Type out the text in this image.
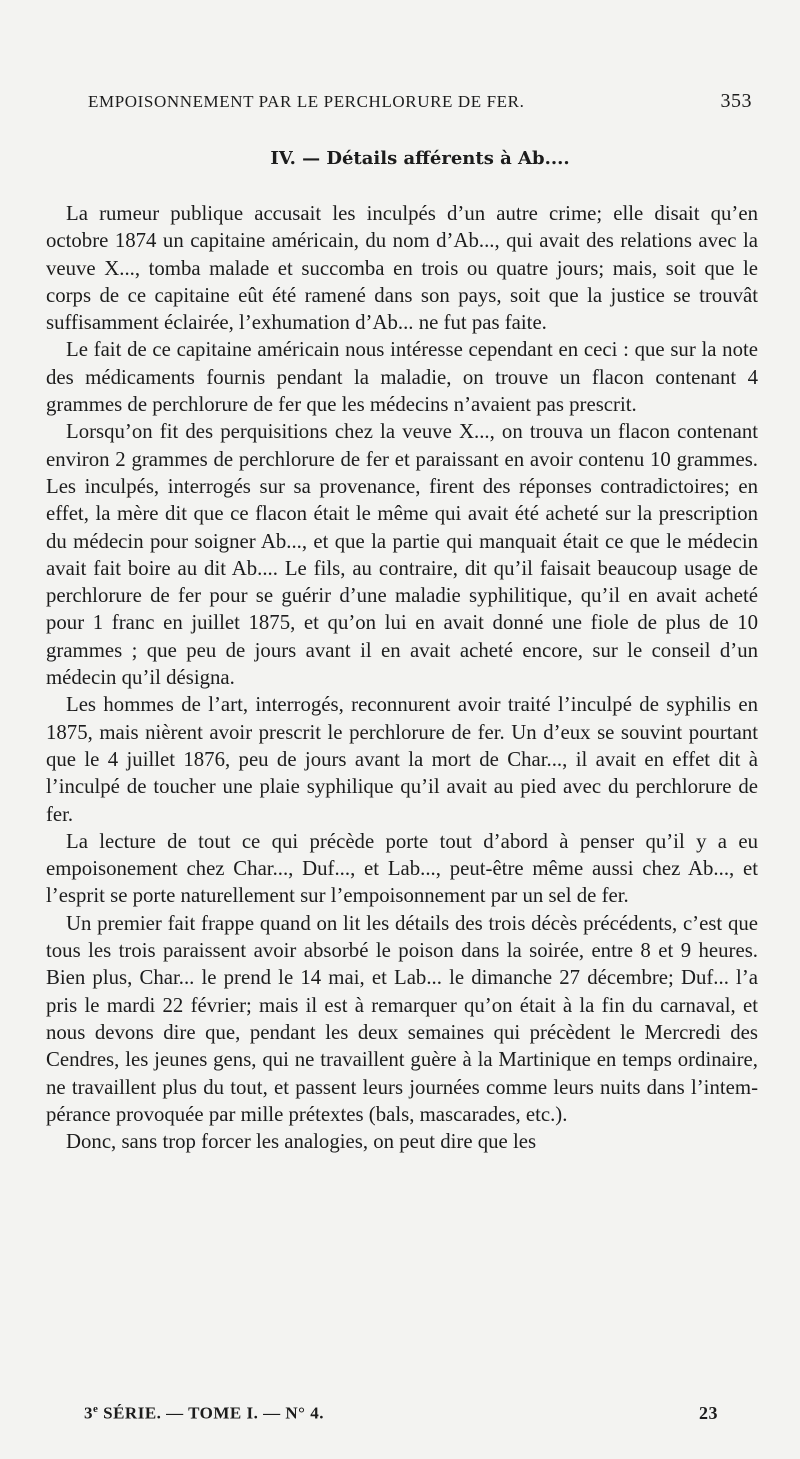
EMPOISONNEMENT PAR LE PERCHLORURE DE FER.	353
IV. — Détails afférents à Ab....

La rumeur publique accusait les inculpés d’un autre crime; elle disait qu’en octobre 1874 un capitaine américain, du nom d’Ab..., qui avait des relations avec la veuve X..., tomba malade et succomba en trois ou quatre jours; mais, soit que le corps de ce capitaine eût été ramené dans son pays, soit que la justice se trouvât suffisamment éclairée, l’exhumation d’Ab... ne fut pas faite.

Le fait de ce capitaine américain nous intéresse cependant en ceci : que sur la note des médicaments fournis pendant la maladie, on trouve un flacon contenant 4 grammes de perchlorure de fer que les médecins n’avaient pas prescrit.

Lorsqu’on fit des perquisitions chez la veuve X..., on trouva un flacon contenant environ 2 grammes de perchlorure de fer et paraissant en avoir contenu 10 grammes. Les inculpés, interrogés sur sa provenance, firent des réponses contradictoires; en effet, la mère dit que ce flacon était le même qui avait été acheté sur la prescription du médecin pour soigner Ab..., et que la partie qui manquait était ce que le médecin avait fait boire au dit Ab.... Le fils, au contraire, dit qu’il faisait beaucoup usage de perchlorure de fer pour se guérir d’une maladie syphilitique, qu’il en avait acheté pour 1 franc en juillet 1875, et qu’on lui en avait donné une fiole de plus de 10 grammes ; que peu de jours avant il en avait acheté encore, sur le conseil d’un médecin qu’il désigna.

Les hommes de l’art, interrogés, reconnurent avoir traité l’inculpé de syphilis en 1875, mais nièrent avoir prescrit le perchlorure de fer. Un d’eux se souvint pourtant que le 4 juillet 1876, peu de jours avant la mort de Char..., il avait en effet dit à l’inculpé de toucher une plaie syphilique qu’il avait au pied avec du perchlorure de fer.

La lecture de tout ce qui précède porte tout d’abord à penser qu’il y a eu empoisonement chez Char..., Duf..., et Lab..., peut-être même aussi chez Ab..., et l’esprit se porte naturellement sur l’empoisonnement par un sel de fer.

Un premier fait frappe quand on lit les détails des trois décès précédents, c’est que tous les trois paraissent avoir absorbé le poison dans la soirée, entre 8 et 9 heures. Bien plus, Char... le prend le 14 mai, et Lab... le dimanche 27 décembre; Duf... l’a pris le mardi 22 février; mais il est à remarquer qu’on était à la fin du carnaval, et nous devons dire que, pendant les deux semaines qui précèdent le Mercredi des Cendres, les jeunes gens, qui ne travaillent guère à la Martinique en temps ordinaire, ne travaillent plus du tout, et passent leurs journées comme leurs nuits dans l’intempérance provoquée par mille prétextes (bals, mascarades, etc.).

Donc, sans trop forcer les analogies, on peut dire que les

3e SÉRIE. — TOME I. — N° 4.	23
